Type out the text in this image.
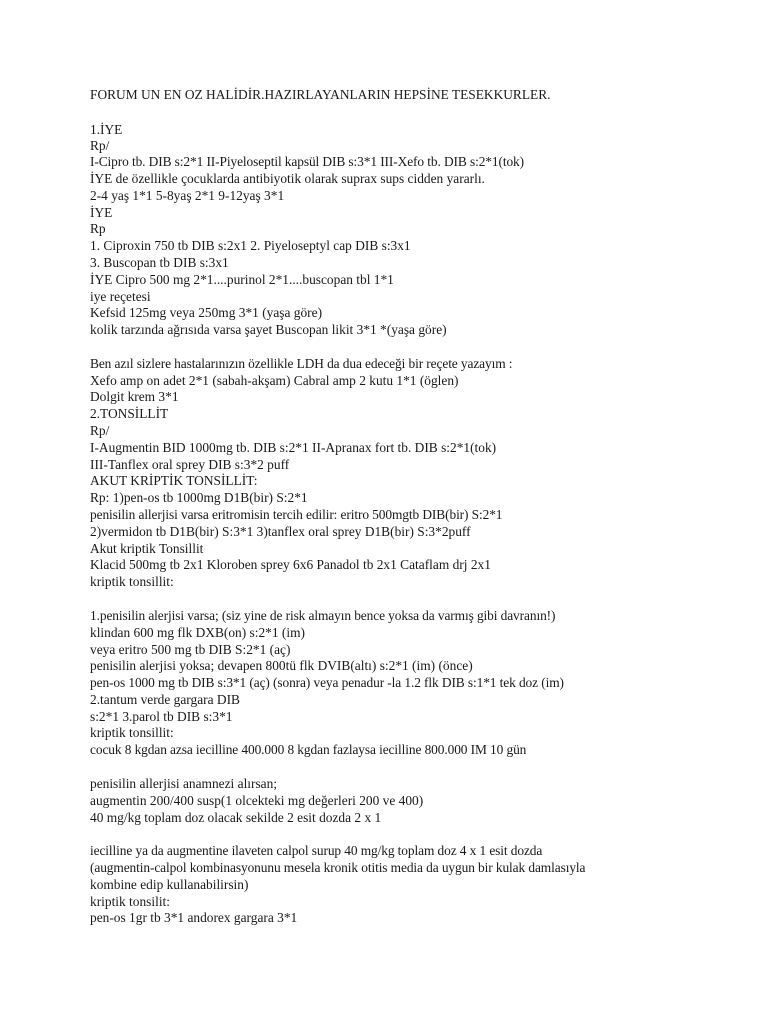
FORUM UN EN OZ HALİDİR.HAZIRLAYANLARIN HEPSİNE TESEKKURLER.
1.İYE
Rp/
I-Cipro tb. DIB s:2*1 II-Piyeloseptil kapsül DIB s:3*1 III-Xefo tb. DIB s:2*1(tok)
İYE de özellikle çocuklarda antibiyotik olarak suprax sups cidden yararlı.
2-4 yaş 1*1 5-8yaş 2*1 9-12yaş 3*1
İYE
Rp
1. Ciproxin 750 tb DIB s:2x1 2. Piyeloseptyl cap DIB s:3x1
3. Buscopan tb DIB s:3x1
İYE Cipro 500 mg 2*1....purinol 2*1....buscopan tbl 1*1
iye reçetesi
Kefsid 125mg veya 250mg 3*1 (yaşa göre)
kolik tarzında ağrısıda varsa şayet Buscopan likit 3*1 *(yaşa göre)
Ben azıl sizlere hastalarınızın özellikle LDH da dua edeceği bir reçete yazayım :
Xefo amp on adet 2*1 (sabah-akşam) Cabral amp 2 kutu 1*1 (öglen)
Dolgit krem 3*1
2.TONSİLLİT
Rp/
I-Augmentin BID 1000mg tb. DIB s:2*1 II-Apranax fort tb. DIB s:2*1(tok)
III-Tanflex oral sprey DIB s:3*2 puff
AKUT KRİPTİK TONSİLLİT:
Rp: 1)pen-os tb 1000mg D1B(bir) S:2*1
penisilin allerjisi varsa eritromisin tercih edilir: eritro 500mgtb DIB(bir) S:2*1
2)vermidon tb D1B(bir) S:3*1 3)tanflex oral sprey D1B(bir) S:3*2puff
Akut kriptik Tonsillit
Klacid 500mg tb 2x1 Kloroben sprey 6x6 Panadol tb 2x1 Cataflam drj 2x1
kriptik tonsillit:
1.penisilin alerjisi varsa; (siz yine de risk almayın bence yoksa da varmış gibi davranın!)
klindan 600 mg flk DXB(on) s:2*1 (im)
veya eritro 500 mg tb DIB S:2*1 (aç)
penisilin alerjisi yoksa; devapen 800tü flk DVIB(altı) s:2*1 (im) (önce)
pen-os 1000 mg tb DIB s:3*1 (aç) (sonra) veya penadur -la 1.2 flk DIB s:1*1 tek doz (im)
2.tantum verde gargara DIB
s:2*1 3.parol tb DIB s:3*1
kriptik tonsillit:
cocuk 8 kgdan azsa iecilline 400.000 8 kgdan fazlaysa iecilline 800.000 IM 10 gün
penisilin allerjisi anamnezi alırsan;
augmentin 200/400 susp(1 olcekteki mg değerleri 200 ve 400)
40 mg/kg toplam doz olacak sekilde 2 esit dozda 2 x 1
iecilline ya da augmentine ilaveten calpol surup 40 mg/kg toplam doz 4 x 1 esit dozda
(augmentin-calpol kombinasyonunu mesela kronik otitis media da uygun bir kulak damlasıyla
kombine edip kullanabilirsin)
kriptik tonsilit:
pen-os 1gr tb 3*1 andorex gargara 3*1
